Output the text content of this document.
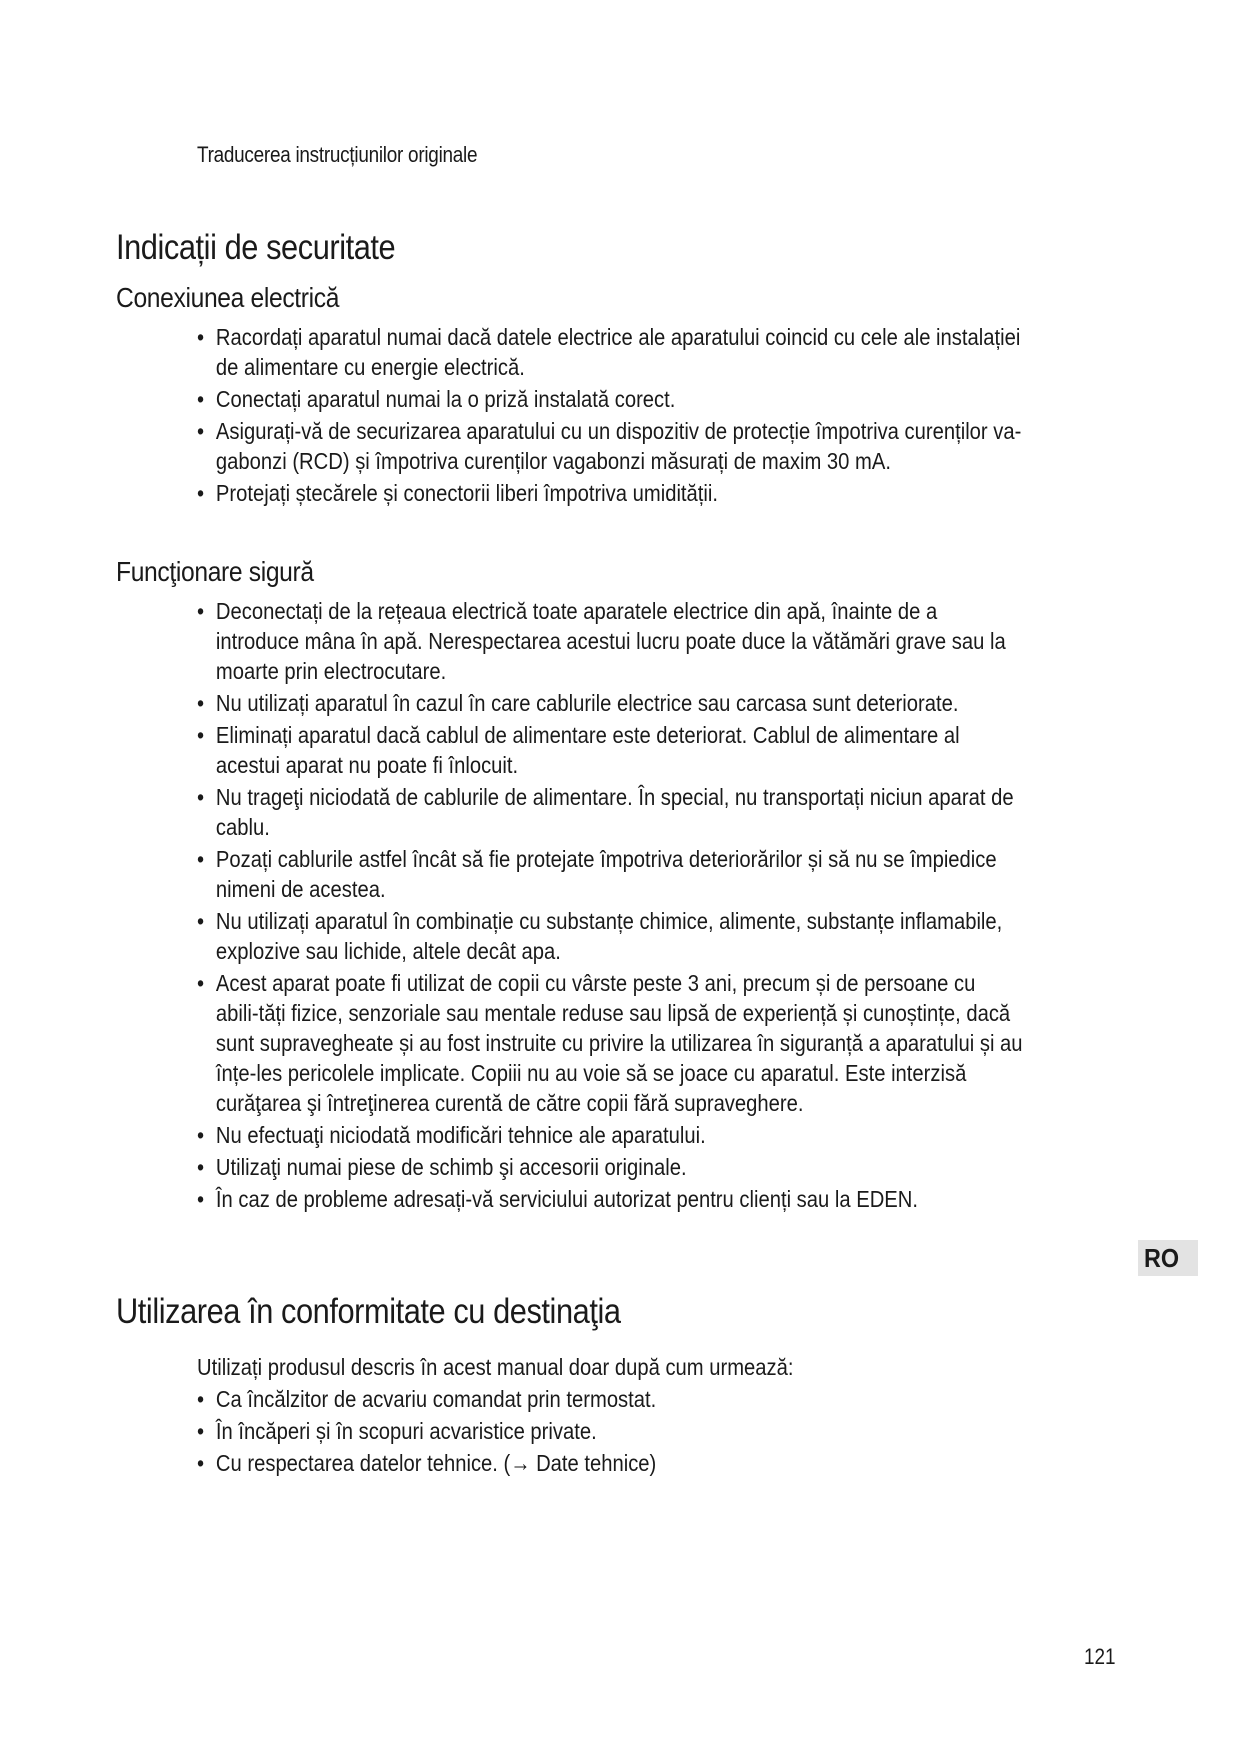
Traducerea instrucțiunilor originale
Indicații de securitate
Conexiunea electrică
• Racordați aparatul numai dacă datele electrice ale aparatului coincid cu cele ale instalației de alimentare cu energie electrică.
• Conectați aparatul numai la o priză instalată corect.
• Asigurați-vă de securizarea aparatului cu un dispozitiv de protecție împotriva curenților va-gabonzi (RCD) și împotriva curenților vagabonzi măsurați de maxim 30 mA.
• Protejați ștecărele și conectorii liberi împotriva umidității.
Funcţionare sigură
• Deconectați de la rețeaua electrică toate aparatele electrice din apă, înainte de a introduce mâna în apă. Nerespectarea acestui lucru poate duce la vătămări grave sau la moarte prin electrocutare.
• Nu utilizați aparatul în cazul în care cablurile electrice sau carcasa sunt deteriorate.
• Eliminați aparatul dacă cablul de alimentare este deteriorat. Cablul de alimentare al acestui aparat nu poate fi înlocuit.
• Nu trageţi niciodată de cablurile de alimentare. În special, nu transportați niciun aparat de cablu.
• Pozați cablurile astfel încât să fie protejate împotriva deteriorărilor și să nu se împiedice nimeni de acestea.
• Nu utilizați aparatul în combinație cu substanțe chimice, alimente, substanțe inflamabile, explozive sau lichide, altele decât apa.
• Acest aparat poate fi utilizat de copii cu vârste peste 3 ani, precum și de persoane cu abili-tăți fizice, senzoriale sau mentale reduse sau lipsă de experiență și cunoștințe, dacă sunt supravegheate și au fost instruite cu privire la utilizarea în siguranță a aparatului și au înțe-les pericolele implicate. Copiii nu au voie să se joace cu aparatul. Este interzisă curăţarea şi întreţinerea curentă de către copii fără supraveghere.
• Nu efectuaţi niciodată modificări tehnice ale aparatului.
• Utilizaţi numai piese de schimb şi accesorii originale.
• În caz de probleme adresați-vă serviciului autorizat pentru clienți sau la EDEN.
RO
Utilizarea în conformitate cu destinaţia
Utilizați produsul descris în acest manual doar după cum urmează:
• Ca încălzitor de acvariu comandat prin termostat.
• În încăperi și în scopuri acvaristice private.
• Cu respectarea datelor tehnice. (→ Date tehnice)
121
